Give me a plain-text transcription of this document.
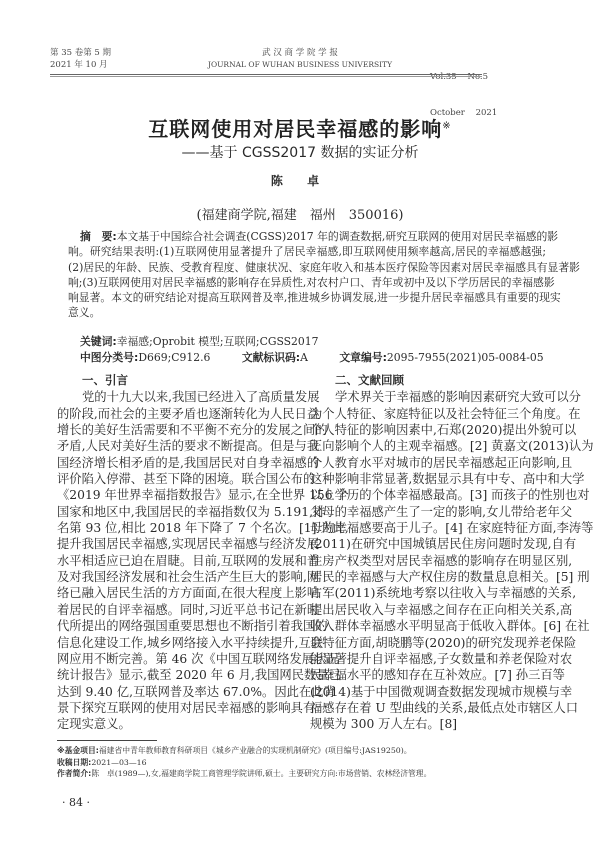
第 35 卷第 5 期
2021 年 10 月
武 汉 商 学 院 学 报
JOURNAL OF WUHAN BUSINESS UNIVERSITY

Vol.35    No.5

October    2021

互联网使用对居民幸福感的影响※
——基于 CGSS2017 数据的实证分析
陈 卓
(福建商学院,福建　福州　350016)
摘　要:本文基于中国综合社会调查(CGSS)2017 年的调查数据,研究互联网的使用对居民幸福感的影
响。研究结果表明:(1)互联网使用显著提升了居民幸福感,即互联网使用频率越高,居民的幸福感越强;
(2)居民的年龄、民族、受教育程度、健康状况、家庭年收入和基本医疗保险等因素对居民幸福感具有显著影
响;(3)互联网使用对居民幸福感的影响存在异质性,对农村户口、青年或初中及以下学历居民的幸福感影
响显著。本文的研究结论对提高互联网普及率,推进城乡协调发展,进一步提升居民幸福感具有重要的现实
意义。
关键词:幸福感;Oprobit 模型;互联网;CGSS2017
中图分类号:D669;C912.6	文献标识码:A	文章编号:2095-7955(2021)05-0084-05
一、引言
党的十九大以来,我国已经进入了高质量发展
的阶段,而社会的主要矛盾也逐渐转化为人民日益
增长的美好生活需要和不平衡不充分的发展之间的
矛盾,人民对美好生活的要求不断提高。但是与我
国经济增长相矛盾的是,我国居民对自身幸福感的
评价陷入停滞、甚至下降的困境。联合国公布的
《2019 年世界幸福指数报告》显示,在全世界 156 个
国家和地区中,我国居民的幸福指数仅为 5.191,排
名第 93 位,相比 2018 年下降了 7 个名次。[1] 为此,
提升我国居民幸福感,实现居民幸福感与经济发展
水平相适应已迫在眉睫。目前,互联网的发展和普
及对我国经济发展和社会生活产生巨大的影响,网
络已融入居民生活的方方面面,在很大程度上影响
着居民的自评幸福感。同时,习近平总书记在新时
代所提出的网络强国重要思想也不断指引着我国的
信息化建设工作,城乡网络接入水平持续提升,互联
网应用不断完善。第 46 次《中国互联网络发展状况
统计报告》显示,截至 2020 年 6 月,我国网民数量已
达到 9.40 亿,互联网普及率达 67.0%。因此在此背
景下探究互联网的使用对居民幸福感的影响具有一
定现实意义。
二、文献回顾
学术界关于幸福感的影响因素研究大致可以分
为个人特征、家庭特征以及社会特征三个角度。在
个人特征的影响因素中,石郑(2020)提出外貌可以
正向影响个人的主观幸福感。[2] 黄嘉文(2013)认为
个人教育水平对城市的居民幸福感起正向影响,且
这种影响非常显著,数据显示具有中专、高中和大学
以上学历的个体幸福感最高。[3] 而孩子的性别也对
父母的幸福感产生了一定的影响,女儿带给老年父
母的幸福感要高于儿子。[4] 在家庭特征方面,李涛等
(2011)在研究中国城镇居民住房问题时发现,自有
住房产权类型对居民幸福感的影响存在明显区别,
居民的幸福感与大产权住房的数量息息相关。[5] 刑
占军(2011)系统地考察以往收入与幸福感的关系,
提出居民收入与幸福感之间存在正向相关关系,高
收入群体幸福感水平明显高于低收入群体。[6] 在社
会特征方面,胡晓鹏等(2020)的研究发现养老保险
能显著提升自评幸福感,子女数量和养老保险对农
民幸福水平的感知存在互补效应。[7] 孙三百等
(2014)基于中国微观调查数据发现城市规模与幸
福感存在着 U 型曲线的关系,最低点处市辖区人口
规模为 300 万人左右。[8]
※基金项目:福建省中青年教师教育科研项目《城乡产业融合的实现机制研究》(项目编号:JAS19250)。
收稿日期:2021—03—16
作者简介:陈　卓(1989—),女,福建商学院工商管理学院讲师,硕士。主要研究方向:市场营销、农林经济管理。
· 84 ·
